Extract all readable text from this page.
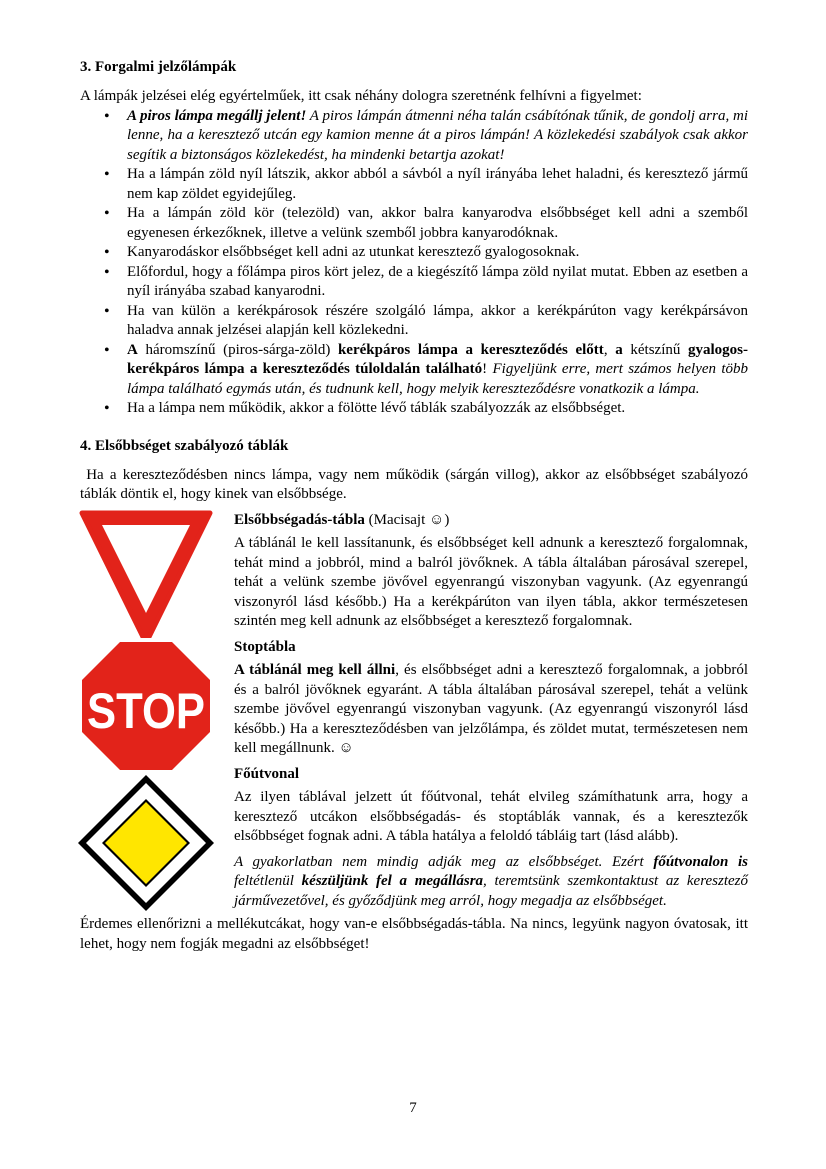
3. Forgalmi jelzőlámpák

A lámpák jelzései elég egyértelműek, itt csak néhány dologra szeretnénk felhívni a figyelmet:

• A piros lámpa megállj jelent! A piros lámpán átmenni néha talán csábítónak tűnik, de gondolj arra, mi lenne, ha a keresztező utcán egy kamion menne át a piros lámpán! A közlekedési szabályok csak akkor segítik a biztonságos közlekedést, ha mindenki betartja azokat!
• Ha a lámpán zöld nyíl látszik, akkor abból a sávból a nyíl irányába lehet haladni, és keresztező jármű nem kap zöldet egyidejűleg.
• Ha a lámpán zöld kör (telezöld) van, akkor balra kanyarodva elsőbbséget kell adni a szemből egyenesen érkezőknek, illetve a velünk szemből jobbra kanyarodóknak.
• Kanyarodáskor elsőbbséget kell adni az utunkat keresztező gyalogosoknak.
• Előfordul, hogy a főlámpa piros kört jelez, de a kiegészítő lámpa zöld nyilat mutat. Ebben az esetben a nyíl irányába szabad kanyarodni.
• Ha van külön a kerékpárosok részére szolgáló lámpa, akkor a kerékpárúton vagy kerékpársávon haladva annak jelzései alapján kell közlekedni.
• A háromszínű (piros-sárga-zöld) kerékpáros lámpa a kereszteződés előtt, a kétszínű gyalogos-kerékpáros lámpa a kereszteződés túloldalán található! Figyeljünk erre, mert számos helyen több lámpa található egymás után, és tudnunk kell, hogy melyik kereszteződésre vonatkozik a lámpa.
• Ha a lámpa nem működik, akkor a fölötte lévő táblák szabályozzák az elsőbbséget.
4. Elsőbbséget szabályozó táblák

Ha a kereszteződésben nincs lámpa, vagy nem működik (sárgán villog), akkor az elsőbbséget szabályozó táblák döntik el, hogy kinek van elsőbbsége.

Elsőbbségadás-tábla (Macisajt ☺)

A táblánál le kell lassítanunk, és elsőbbséget kell adnunk a keresztező forgalomnak, tehát mind a jobbról, mind a balról jövőknek. A tábla általában párosával szerepel, tehát a velünk szembe jövővel egyenrangú viszonyban vagyunk. (Az egyenrangú viszonyról lásd később.) Ha a kerékpárúton van ilyen tábla, akkor természetesen szintén meg kell adnunk az elsőbbséget a keresztező forgalomnak.

STOP

Stoptábla

A táblánál meg kell állni, és elsőbbséget adni a keresztező forgalomnak, a jobbról és a balról jövőknek egyaránt. A tábla általában párosával szerepel, tehát a velünk szembe jövővel egyenrangú viszonyban vagyunk. (Az egyenrangú viszonyról lásd később.) Ha a kereszteződésben van jelzőlámpa, és zöldet mutat, természetesen nem kell megállnunk. ☺

Főútvonal

Az ilyen táblával jelzett út főútvonal, tehát elvileg számíthatunk arra, hogy a keresztező utcákon elsőbbségadás- és stoptáblák vannak, és a keresztezők elsőbbséget fognak adni. A tábla hatálya a feloldó tábláig tart (lásd alább).

A gyakorlatban nem mindig adják meg az elsőbbséget. Ezért főútvonalon is feltétlenül készüljünk fel a megállásra, teremtsünk szemkontaktust az keresztező járművezetővel, és győződjünk meg arról, hogy megadja az elsőbbséget.

Érdemes ellenőrizni a mellékutcákat, hogy van-e elsőbbségadás-tábla. Na nincs, legyünk nagyon óvatosak, itt lehet, hogy nem fogják megadni az elsőbbséget!

7
